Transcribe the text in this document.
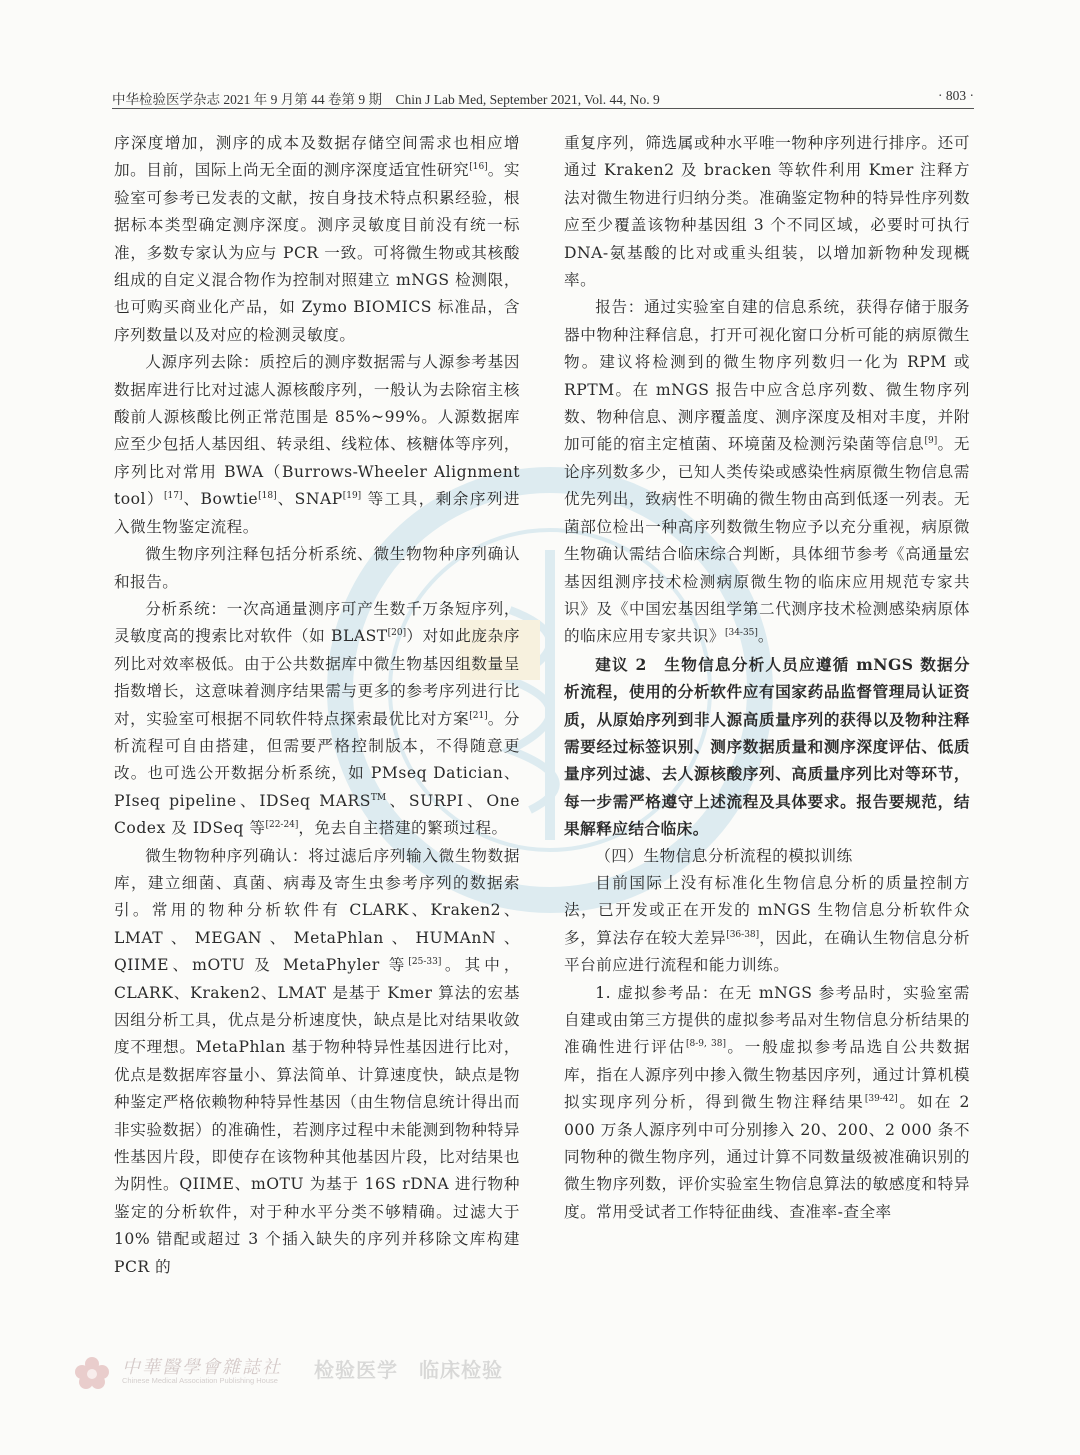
中华检验医学杂志 2021 年 9 月第 44 卷第 9 期　Chin J Lab Med, September 2021, Vol. 44, No. 9	· 803 ·

序深度增加，测序的成本及数据存储空间需求也相应增加。目前，国际上尚无全面的测序深度适宜性研究[16]。实验室可参考已发表的文献，按自身技术特点积累经验，根据标本类型确定测序深度。测序灵敏度目前没有统一标准，多数专家认为应与 PCR 一致。可将微生物或其核酸组成的自定义混合物作为控制对照建立 mNGS 检测限，也可购买商业化产品，如 Zymo BIOMICS 标准品，含序列数量以及对应的检测灵敏度。

人源序列去除：质控后的测序数据需与人源参考基因数据库进行比对过滤人源核酸序列，一般认为去除宿主核酸前人源核酸比例正常范围是 85%~99%。人源数据库应至少包括人基因组、转录组、线粒体、核糖体等序列，序列比对常用 BWA（Burrows-Wheeler Alignment tool）[17]、Bowtie[18]、SNAP[19] 等工具，剩余序列进入微生物鉴定流程。

微生物序列注释包括分析系统、微生物物种序列确认和报告。

分析系统：一次高通量测序可产生数千万条短序列，灵敏度高的搜索比对软件（如 BLAST[20]）对如此庞杂序列比对效率极低。由于公共数据库中微生物基因组数量呈指数增长，这意味着测序结果需与更多的参考序列进行比对，实验室可根据不同软件特点探索最优比对方案[21]。分析流程可自由搭建，但需要严格控制版本，不得随意更改。也可选公开数据分析系统，如 PMseq Datician、PIseq pipeline、IDSeq MARS™、SURPI、One Codex 及 IDSeq 等[22-24]，免去自主搭建的繁琐过程。

微生物物种序列确认：将过滤后序列输入微生物数据库，建立细菌、真菌、病毒及寄生虫参考序列的数据索引。常用的物种分析软件有 CLARK、Kraken2、LMAT、MEGAN、MetaPhlan、HUMAnN、QIIME、mOTU 及 MetaPhyler 等[25-33]。其中，CLARK、Kraken2、LMAT 是基于 Kmer 算法的宏基因组分析工具，优点是分析速度快，缺点是比对结果收敛度不理想。MetaPhlan 基于物种特异性基因进行比对，优点是数据库容量小、算法简单、计算速度快，缺点是物种鉴定严格依赖物种特异性基因（由生物信息统计得出而非实验数据）的准确性，若测序过程中未能测到物种特异性基因片段，即使存在该物种其他基因片段，比对结果也为阴性。QIIME、mOTU 为基于 16S rDNA 进行物种鉴定的分析软件，对于种水平分类不够精确。过滤大于 10% 错配或超过 3 个插入缺失的序列并移除文库构建 PCR 的

重复序列，筛选属或种水平唯一物种序列进行排序。还可通过 Kraken2 及 bracken 等软件利用 Kmer 注释方法对微生物进行归纳分类。准确鉴定物种的特异性序列数应至少覆盖该物种基因组 3 个不同区域，必要时可执行 DNA-氨基酸的比对或重头组装，以增加新物种发现概率。

报告：通过实验室自建的信息系统，获得存储于服务器中物种注释信息，打开可视化窗口分析可能的病原微生物。建议将检测到的微生物序列数归一化为 RPM 或 RPTM。在 mNGS 报告中应含总序列数、微生物序列数、物种信息、测序覆盖度、测序深度及相对丰度，并附加可能的宿主定植菌、环境菌及检测污染菌等信息[9]。无论序列数多少，已知人类传染或感染性病原微生物信息需优先列出，致病性不明确的微生物由高到低逐一列表。无菌部位检出一种高序列数微生物应予以充分重视，病原微生物确认需结合临床综合判断，具体细节参考《高通量宏基因组测序技术检测病原微生物的临床应用规范专家共识》及《中国宏基因组学第二代测序技术检测感染病原体的临床应用专家共识》[34-35]。

建议 2　生物信息分析人员应遵循 mNGS 数据分析流程，使用的分析软件应有国家药品监督管理局认证资质，从原始序列到非人源高质量序列的获得以及物种注释需要经过标签识别、测序数据质量和测序深度评估、低质量序列过滤、去人源核酸序列、高质量序列比对等环节，每一步需严格遵守上述流程及具体要求。报告要规范，结果解释应结合临床。

（四）生物信息分析流程的模拟训练

目前国际上没有标准化生物信息分析的质量控制方法，已开发或正在开发的 mNGS 生物信息分析软件众多，算法存在较大差异[36-38]，因此，在确认生物信息分析平台前应进行流程和能力训练。

1. 虚拟参考品：在无 mNGS 参考品时，实验室需自建或由第三方提供的虚拟参考品对生物信息分析结果的准确性进行评估[8-9, 38]。一般虚拟参考品选自公共数据库，指在人源序列中掺入微生物基因序列，通过计算机模拟实现序列分析，得到微生物注释结果[39-42]。如在 2 000 万条人源序列中可分别掺入 20、200、2 000 条不同物种的微生物序列，通过计算不同数量级被准确识别的微生物序列数，评价实验室生物信息算法的敏感度和特异度。常用受试者工作特征曲线、查准率-查全率

中華醫學會雜誌社
Chinese Medical Association Publishing House 检验医学　临床检验
